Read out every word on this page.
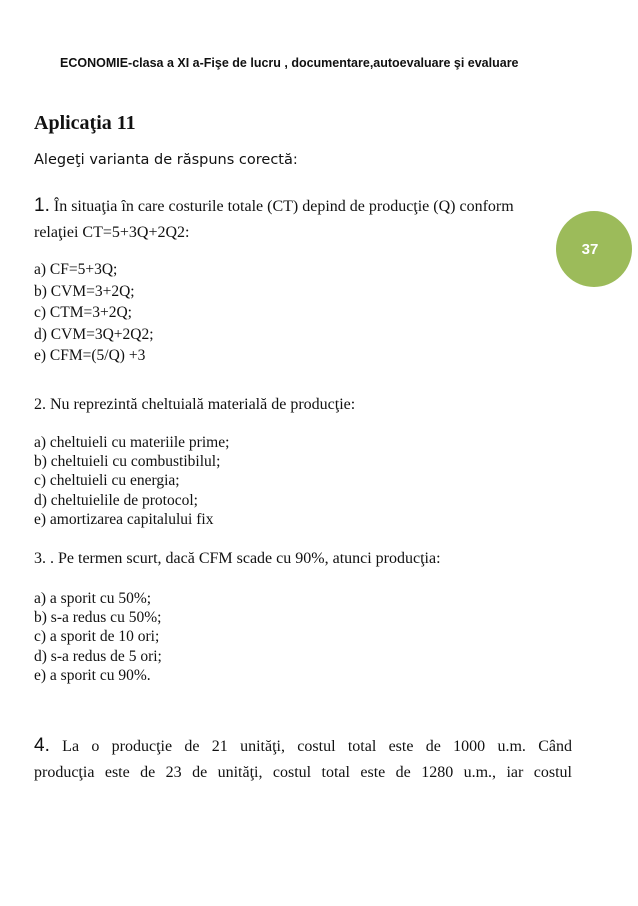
ECONOMIE-clasa a XI a-Fişe de lucru , documentare,autoevaluare şi evaluare
37
Aplicaţia 11
Alegeţi varianta de răspuns corectă:
1. În situaţia în care costurile totale (CT) depind de producţie (Q) conform
relaţiei CT=5+3Q+2Q2:
a) CF=5+3Q;
b) CVM=3+2Q;
c) CTM=3+2Q;
d) CVM=3Q+2Q2;
e) CFM=(5/Q) +3
2. Nu reprezintă cheltuială materială de producţie:
a) cheltuieli cu materiile prime;
b) cheltuieli cu combustibilul;
c) cheltuieli cu energia;
d) cheltuielile de protocol;
e) amortizarea capitalului fix
3. . Pe termen scurt, dacă CFM scade cu 90%, atunci producţia:
a) a sporit cu 50%;
b) s-a redus cu 50%;
c) a sporit de 10 ori;
d) s-a redus de 5 ori;
e) a sporit cu 90%.
4. La o producţie de 21 unităţi, costul total este de 1000 u.m. Când
producţia este de 23 de unităţi, costul total este de 1280 u.m., iar costul
